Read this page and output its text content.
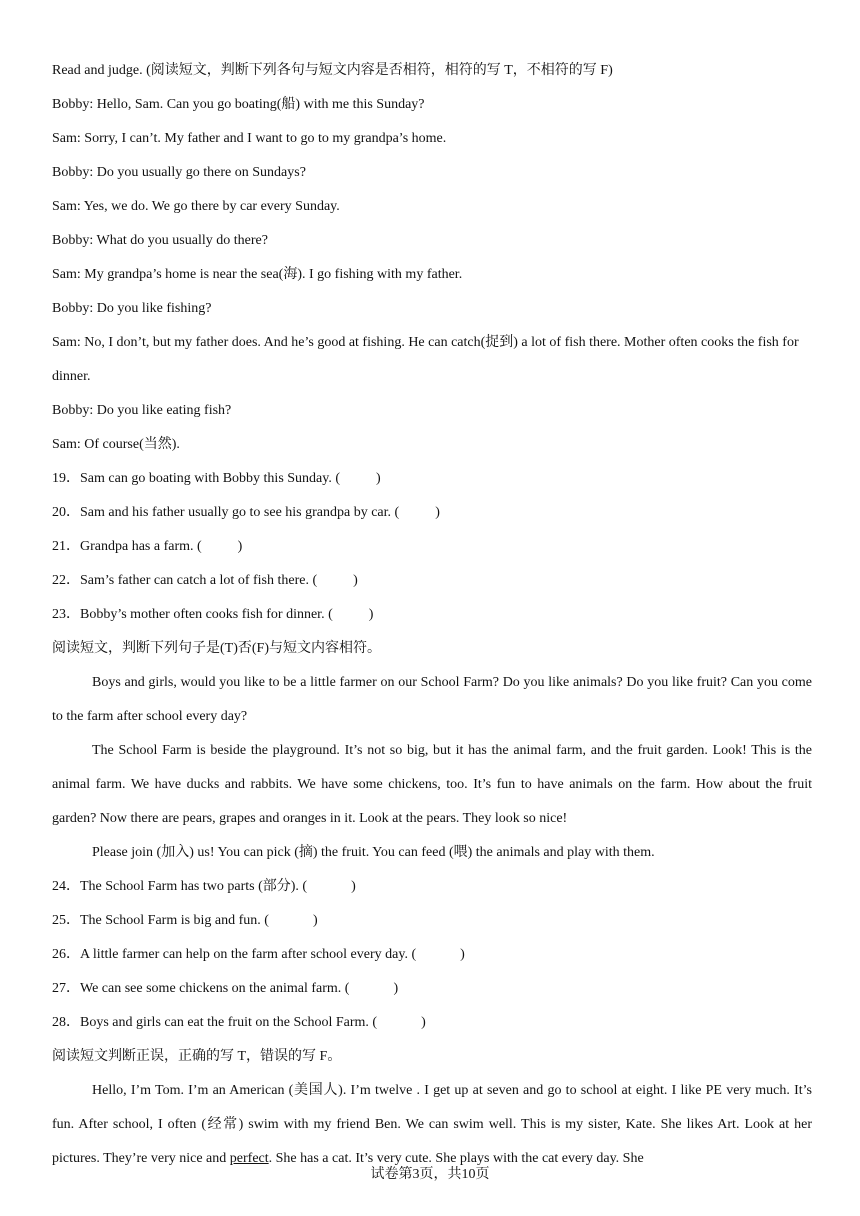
Read and judge. (阅读短文，判断下列各句与短文内容是否相符，相符的写 T，不相符的写 F)
Bobby: Hello, Sam. Can you go boating(船) with me this Sunday?
Sam: Sorry, I can’t. My father and I want to go to my grandpa’s home.
Bobby: Do you usually go there on Sundays?
Sam: Yes, we do. We go there by car every Sunday.
Bobby: What do you usually do there?
Sam: My grandpa’s home is near the sea(海). I go fishing with my father.
Bobby: Do you like fishing?

Sam: No, I don’t, but my father does. And he’s good at fishing. He can catch(捉到) a lot of fish there. Mother often cooks the fish for dinner.

Bobby: Do you like eating fish?
Sam: Of course(当然).
19．Sam can go boating with Bobby this Sunday. (	)
20．Sam and his father usually go to see his grandpa by car. (	)
21．Grandpa has a farm. (	)
22．Sam’s father can catch a lot of fish there. (	)
23．Bobby’s mother often cooks fish for dinner. (	)
阅读短文，判断下列句子是(T)否(F)与短文内容相符。

Boys and girls, would you like to be a little farmer on our School Farm? Do you like animals? Do you like fruit? Can you come to the farm after school every day?

The School Farm is beside the playground. It’s not so big, but it has the animal farm, and the fruit garden. Look! This is the animal farm. We have ducks and rabbits. We have some chickens, too. It’s fun to have animals on the farm. How about the fruit garden? Now there are pears, grapes and oranges in it. Look at the pears. They look so nice!

Please join (加入) us! You can pick (摘) the fruit. You can feed (喂) the animals and play with them.

24．The School Farm has two parts (部分). (	)
25．The School Farm is big and fun. (	)
26．A little farmer can help on the farm after school every day. (	)
27．We can see some chickens on the animal farm. (	)
28．Boys and girls can eat the fruit on the School Farm. (	)
阅读短文判断正误，正确的写 T，错误的写 F。

Hello, I’m Tom. I’m an American (美国人). I’m twelve . I get up at seven and go to school at eight. I like PE very much. It’s fun. After school, I often (经常) swim with my friend Ben. We can swim well. This is my sister, Kate. She likes Art. Look at her pictures. They’re very nice and perfect. She has a cat. It’s very cute. She plays with the cat every day. She

试卷第3页，共10页
